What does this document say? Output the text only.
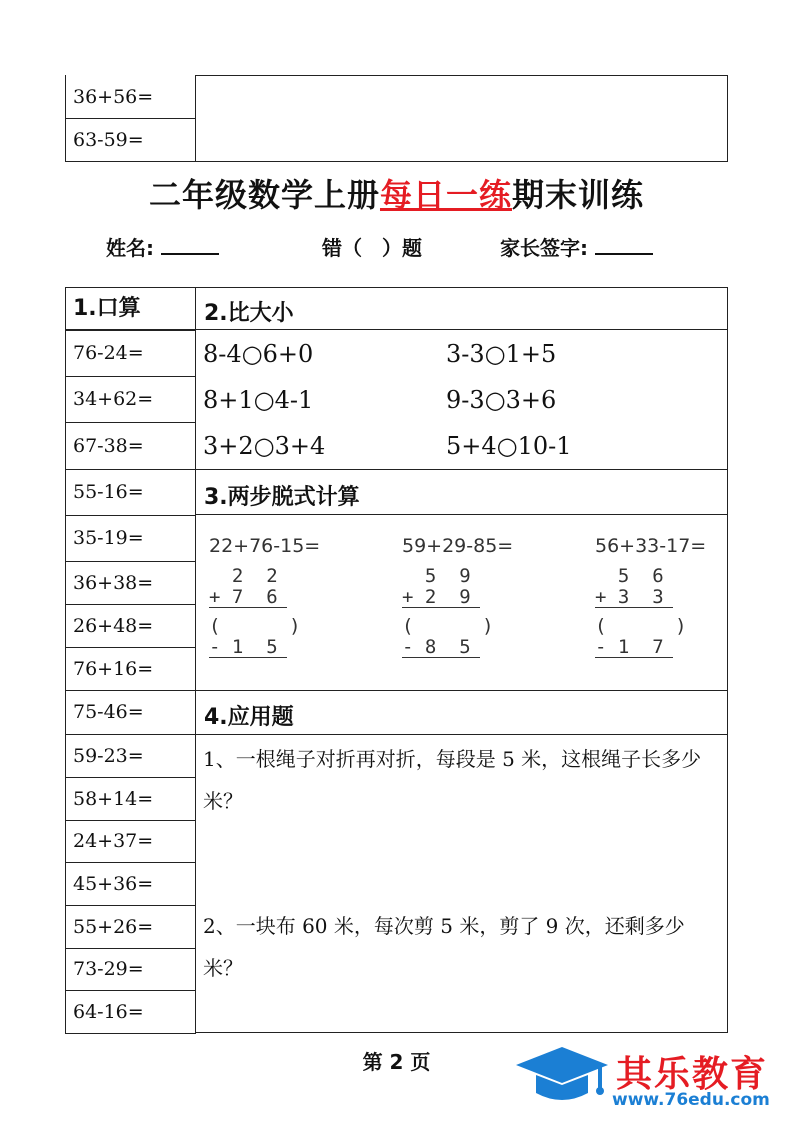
36+56=
63-59=
二年级数学上册每日一练期末训练
姓名:	错（　）题	家长签字:
1.口算
76-24=
34+62=
67-38=
55-16=
35-19=
36+38=
26+48=
76+16=
75-46=
59-23=
58+14=
24+37=
45+36=
55+26=
73-29=
64-16=
2.比大小
8-4○6+0	3-3○1+5
8+1○4-1	9-3○3+6
3+2○3+4	5+4○10-1
3.两步脱式计算
22+76-15=
2  2
+ 7  6
(      )
- 1  5
59+29-85=
5  9
+ 2  9
(      )
- 8  5
56+33-17=
5  6
+ 3  3
(      )
- 1  7
4.应用题
1、一根绳子对折再对折，每段是 5 米，这根绳子长多少米？
2、一块布 60 米，每次剪 5 米，剪了 9 次，还剩多少米？
第 2 页	其乐教育
www.76edu.com
